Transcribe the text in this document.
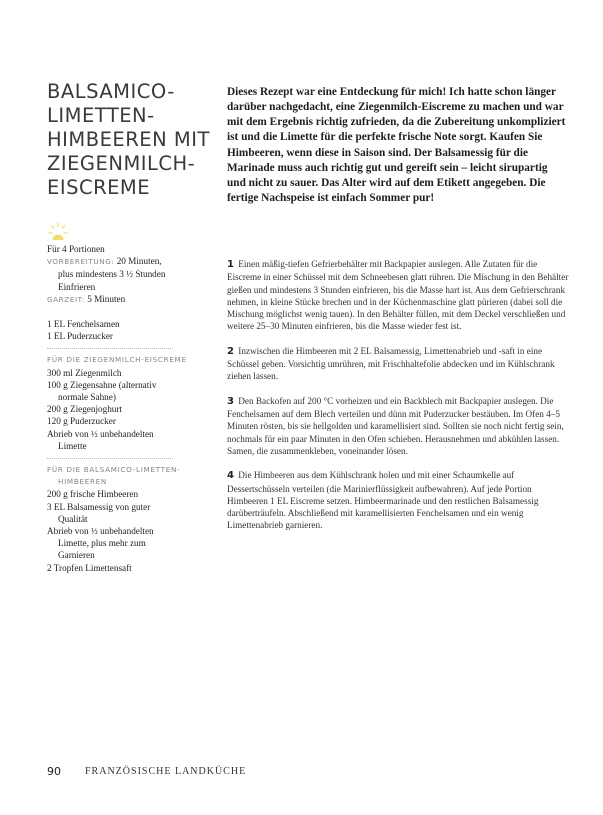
BALSAMICO-
LIMETTEN-
HIMBEEREN MIT
ZIEGENMILCH-
EISCREME

Dieses Rezept war eine Entdeckung für mich! Ich hatte schon länger darüber nachgedacht, eine Ziegenmilch-Eiscreme zu machen und war mit dem Ergebnis richtig zufrieden, da die Zubereitung unkompliziert ist und die Limette für die perfekte frische Note sorgt. Kaufen Sie Himbeeren, wenn diese in Saison sind. Der Balsamessig für die Marinade muss auch richtig gut und gereift sein – leicht sirupartig und nicht zu sauer. Das Alter wird auf dem Etikett angegeben. Die fertige Nachspeise ist einfach Sommer pur!

Für 4 Portionen
VORBEREITUNG: 20 Minuten,
plus mindestens 3 ½ Stunden
Einfrieren
GARZEIT: 5 Minuten
1 EL Fenchelsamen
1 EL Puderzucker
FÜR DIE ZIEGENMILCH-EISCREME
300 ml Ziegenmilch
100 g Ziegensahne (alternativ
normale Sahne)
200 g Ziegenjoghurt
120 g Puderzucker
Abrieb von ½ unbehandelten
Limette
FÜR DIE BALSAMICO-LIMETTEN-
HIMBEEREN
200 g frische Himbeeren
3 EL Balsamessig von guter
Qualität
Abrieb von ½ unbehandelten
Limette, plus mehr zum
Garnieren
2 Tropfen Limettensaft

1 Einen mäßig-tiefen Gefrierbehälter mit Backpapier auslegen. Alle Zutaten für die Eiscreme in einer Schüssel mit dem Schneebesen glatt rühren. Die Mischung in den Behälter gießen und mindestens 3 Stunden einfrieren, bis die Masse hart ist. Aus dem Gefrierschrank nehmen, in kleine Stücke brechen und in der Küchenmaschine glatt pürieren (dabei soll die Mischung möglichst wenig tauen). In den Behälter füllen, mit dem Deckel verschließen und weitere 25–30 Minuten einfrieren, bis die Masse wieder fest ist.

2 Inzwischen die Himbeeren mit 2 EL Balsamessig, Limettenabrieb und -saft in eine Schüssel geben. Vorsichtig umrühren, mit Frischhaltefolie abdecken und im Kühlschrank ziehen lassen.

3 Den Backofen auf 200 °C vorheizen und ein Backblech mit Backpapier auslegen. Die Fenchelsamen auf dem Blech verteilen und dünn mit Puderzucker bestäuben. Im Ofen 4–5 Minuten rösten, bis sie hellgolden und karamellisiert sind. Sollten sie noch nicht fertig sein, nochmals für ein paar Minuten in den Ofen schieben. Herausnehmen und abkühlen lassen. Samen, die zusammenkleben, voneinander lösen.

4 Die Himbeeren aus dem Kühlschrank holen und mit einer Schaumkelle auf Dessertschüsseln verteilen (die Marinierflüssigkeit aufbewahren). Auf jede Portion Himbeeren 1 EL Eiscreme setzen. Himbeermarinade und den restlichen Balsamessig darüberträufeln. Abschließend mit karamellisierten Fenchelsamen und ein wenig Limettenabrieb garnieren.

90 FRANZÖSISCHE LANDKÜCHE
